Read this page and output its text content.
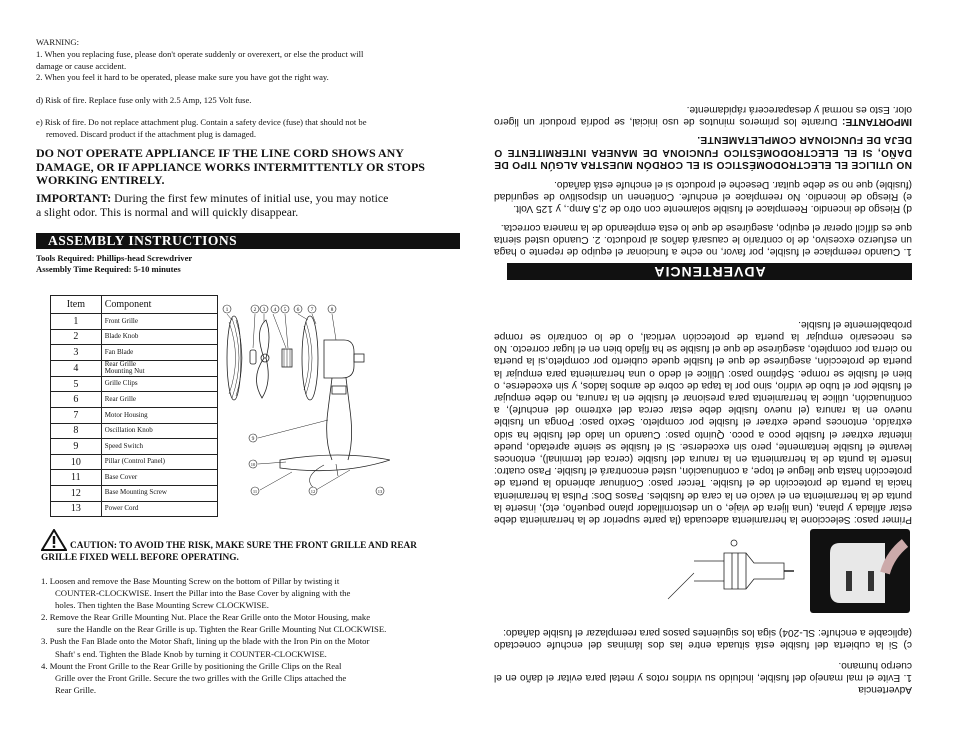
WARNING:
1. When you replacing fuse, please don't operate suddenly or overexert, or else the product will
damage or cause accident.
2. When you feel it hard to be operated, please make sure you have got the right way.
d) Risk of fire. Replace fuse only with 2.5 Amp, 125 Volt fuse.
e) Risk of fire. Do not replace attachment plug. Contain a safety device (fuse) that should not be
removed. Discard product if the attachment plug is damaged.
DO NOT OPERATE APPLIANCE IF THE LINE CORD SHOWS ANY
DAMAGE, OR IF APPLIANCE WORKS INTERMITTENTLY OR STOPS
WORKING ENTIRELY.
IMPORTANT: During the first few minutes of initial use, you may notice
a slight odor. This is normal and will quickly disappear.
ASSEMBLY INSTRUCTIONS
Tools Required: Phillips-head Screwdriver
Assembly Time Required: 5-10 minutes
Item	Component
1	Front Grille
2	Blade Knob
3	Fan Blade
4	Rear Grille
Mounting Nut
5	Grille Clips
6	Rear Grille
7	Motor Housing
8	Oscillation Knob
9	Speed Switch
10	Pillar (Control Panel)
11	Base Cover
12	Base Mounting Screw
13	Power Cord
1	2 3 4 5 6 7	8
9
10
11	12	13
CAUTION: TO AVOID THE RISK, MAKE SURE THE FRONT GRILLE AND REAR
GRILLE FIXED WELL BEFORE OPERATING.

1. Loosen and remove the Base Mounting Screw on the bottom of Pillar by twisting it

COUNTER-CLOCKWISE. Insert the Pillar into the Base Cover by aligning with the

holes. Then tighten the Base Mounting Screw CLOCKWISE.

2. Remove the Rear Grille Mounting Nut. Place the Rear Grille onto the Motor Housing, make

sure the Handle on the Rear Grille is up. Tighten the Rear Grille Mounting Nut CLOCKWISE.

3. Push the Fan Blade onto the Motor Shaft, lining up the blade with the Iron Pin on the Motor

Shaft' s end. Tighten the Blade Knob by turning it COUNTER-CLOCKWISE.

4. Mount the Front Grille to the Rear Grille by positioning the Grille Clips on the Real

Grille over the Front Grille. Secure the two grilles with the Grille Clips attached the

Rear Grille.	Advertencia

1. Evite el mal manejo del fusible, incluido su vidrios rotos y metal para evitar el daño en el cuerpo humano.

c) Si la cubierta del fusible está situada entre las dos láminas del enchufe conectado (aplicable a enchufe: SL-204) siga los siguientes pasos para reemplazar el fusible dañado:

Primer paso: Seleccione la herramienta adecuada (la parte superior de la herramienta debe estar afilada y plana, (una lijera de viaje, o un destornillador plano pequeño, etc), inserte la punta de la herramienta en el vacío en la cara de fusibles. Pasos Dos: Pulsa la herramienta hacia la puerta de protección de el fusible. Tercer paso: Continuar abriendo la puerta de protección hasta que llegue el tope, a continuación, usted encontrará el fusible. Paso cuatro: Inserte la punta de la herramienta en la ranura del fusible (cerca del terminal), entonces levante el fusible lentamente, pero sin excederse. Si el fusible se siente apretado, puede intentar extraer el fusible poco a poco. Quinto paso: Cuando un lado del fusible ha sido extraído, entonces puede extraer el fusible por completo. Sexto paso: Ponga un fusible nuevo en la ranura (el nuevo fusible debe estar cerca del extremo del enchufe), a continuación, utilice la herramienta para presionar el fusible en la ranura, no debe empujar el fusible por el tubo de vidrio, sino por la tapa de cobre de ambos lados, y sin excederse, o bien el fusible se rompe. Séptimo paso: Utilice el dedo o una herramienta para empujar la puerta de protección, asegúrese de que el fusible quede cubierto por completo,si la puerta no cierra por completo, asegúrese de que el fusible se ha fijado bien en el lugar correcto. No es necesario empujar la puerta de protección vertical, o de lo contrario se rompe probablemente el fusible.
ADVERTENCIA

1. Cuando reemplace el fusible, por favor, no eche a funcionar el equipo de repente o haga un esfuerzo excesivo, de lo contrario le causará daños al producto. 2. Cuando usted sienta que es difícil operar el equipo, asegúrese de que lo esta empleando de la manera correcta.

d) Riesgo de incendio. Reemplace el fusible solamente con otro de 2,5 Amp., y 125 Volt.

e) Riesgo de incendio. No reemplace el enchufe. Contienen un dispositivo de seguridad (fusible) que no se debe quitar. Deseche el producto si el enchufe está dañado.

NO UTILICE EL ELECTRODOMÉSTICO SI EL CORDÓN MUESTRA ALGÚN TIPO DE DAÑO, SI EL ELECTRODOMÉSTICO FUNCIONA DE MANERA INTERMITENTE O DEJA DE FUNCIONAR COMPLETAMENTE.

IMPORTANTE: Durante los primeros minutos de uso inicial, se podría producir un ligero olor. Esto es normal y desaparecerá rápidamente.
